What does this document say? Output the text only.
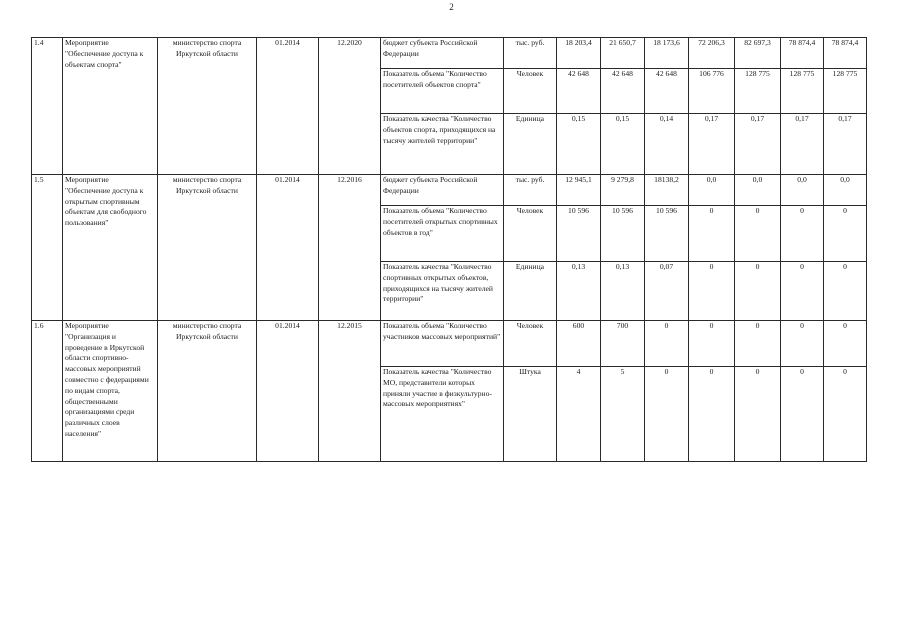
2
1.4	Мероприятие "Обеспечение доступа к объектам спорта"	министерство спорта Иркутской области	01.2014	12.2020	бюджет субъекта Российской Федерации	тыс. руб.	18 203,4	21 650,7	18 173,6	72 206,3	82 697,3	78 874,4	78 874,4
					Показатель объема "Количество посетителей объектов спорта"	Человек	42 648	42 648	42 648	106 776	128 775	128 775	128 775
					Показатель качества "Количество объектов спорта, приходящихся на тысячу жителей территории"	Единица	0,15	0,15	0,14	0,17	0,17	0,17	0,17
1.5	Мероприятие "Обеспечение доступа к открытым спортивным объектам для свободного пользования"	министерство спорта Иркутской области	01.2014	12.2016	бюджет субъекта Российской Федерации	тыс. руб.	12 945,1	9 279,8	18138,2	0,0	0,0	0,0	0,0
					Показатель объема "Количество посетителей открытых спортивных объектов в год"	Человек	10 596	10 596	10 596	0	0	0	0
					Показатель качества "Количество спортивных открытых объектов, приходящихся на тысячу жителей территории"	Единица	0,13	0,13	0,07	0	0	0	0
1.6	Мероприятие "Организация и проведение в Иркутской области спортивно-массовых мероприятий совместно с федерациями по видам спорта, общественными организациями среди различных слоев населения"	министерство спорта Иркутской области	01.2014	12.2015	Показатель объема "Количество участников массовых мероприятий"	Человек	600	700	0	0	0	0	0
					Показатель качества "Количество МО, представители которых приняли участие в физкультурно-массовых мероприятиях"	Штука	4	5	0	0	0	0	0
